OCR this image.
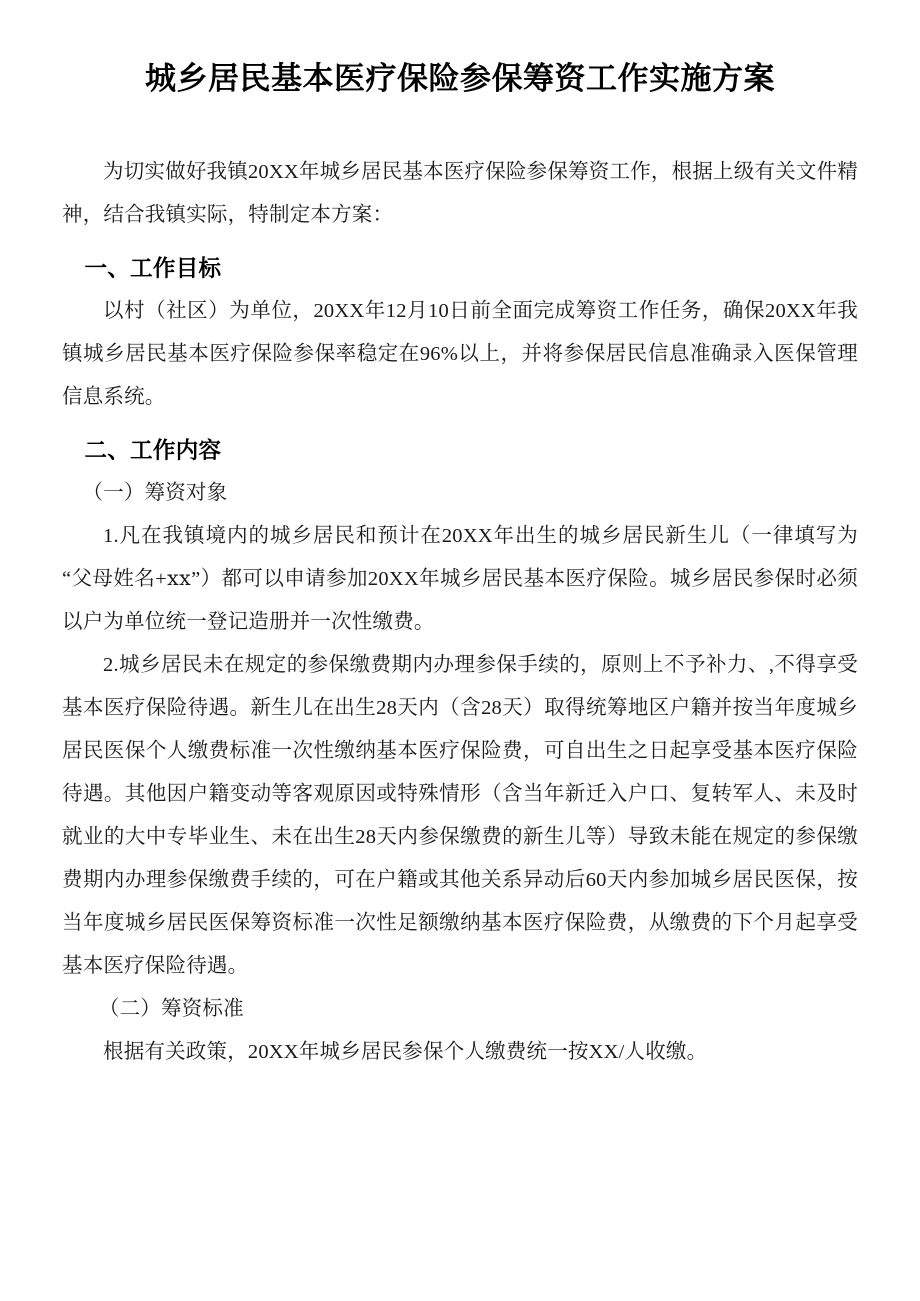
城乡居民基本医疗保险参保筹资工作实施方案

为切实做好我镇20XX年城乡居民基本医疗保险参保筹资工作，根据上级有关文件精神，结合我镇实际，特制定本方案：

一、工作目标

以村（社区）为单位，20XX年12月10日前全面完成筹资工作任务，确保20XX年我镇城乡居民基本医疗保险参保率稳定在96%以上，并将参保居民信息准确录入医保管理信息系统。

二、工作内容

（一）筹资对象

1.凡在我镇境内的城乡居民和预计在20XX年出生的城乡居民新生儿（一律填写为“父母姓名+ⅹⅹ”）都可以申请参加20XX年城乡居民基本医疗保险。城乡居民参保时必须以户为单位统一登记造册并一次性缴费。

2.城乡居民未在规定的参保缴费期内办理参保手续的，原则上不予补力、,不得享受基本医疗保险待遇。新生儿在出生28天内（含28天）取得统筹地区户籍并按当年度城乡居民医保个人缴费标准一次性缴纳基本医疗保险费，可自出生之日起享受基本医疗保险待遇。其他因户籍变动等客观原因或特殊情形（含当年新迁入户口、复转军人、未及时就业的大中专毕业生、未在出生28天内参保缴费的新生儿等）导致未能在规定的参保缴费期内办理参保缴费手续的，可在户籍或其他关系异动后60天内参加城乡居民医保，按当年度城乡居民医保筹资标准一次性足额缴纳基本医疗保险费，从缴费的下个月起享受基本医疗保险待遇。

（二）筹资标准

根据有关政策，20XX年城乡居民参保个人缴费统一按XX/人收缴。
